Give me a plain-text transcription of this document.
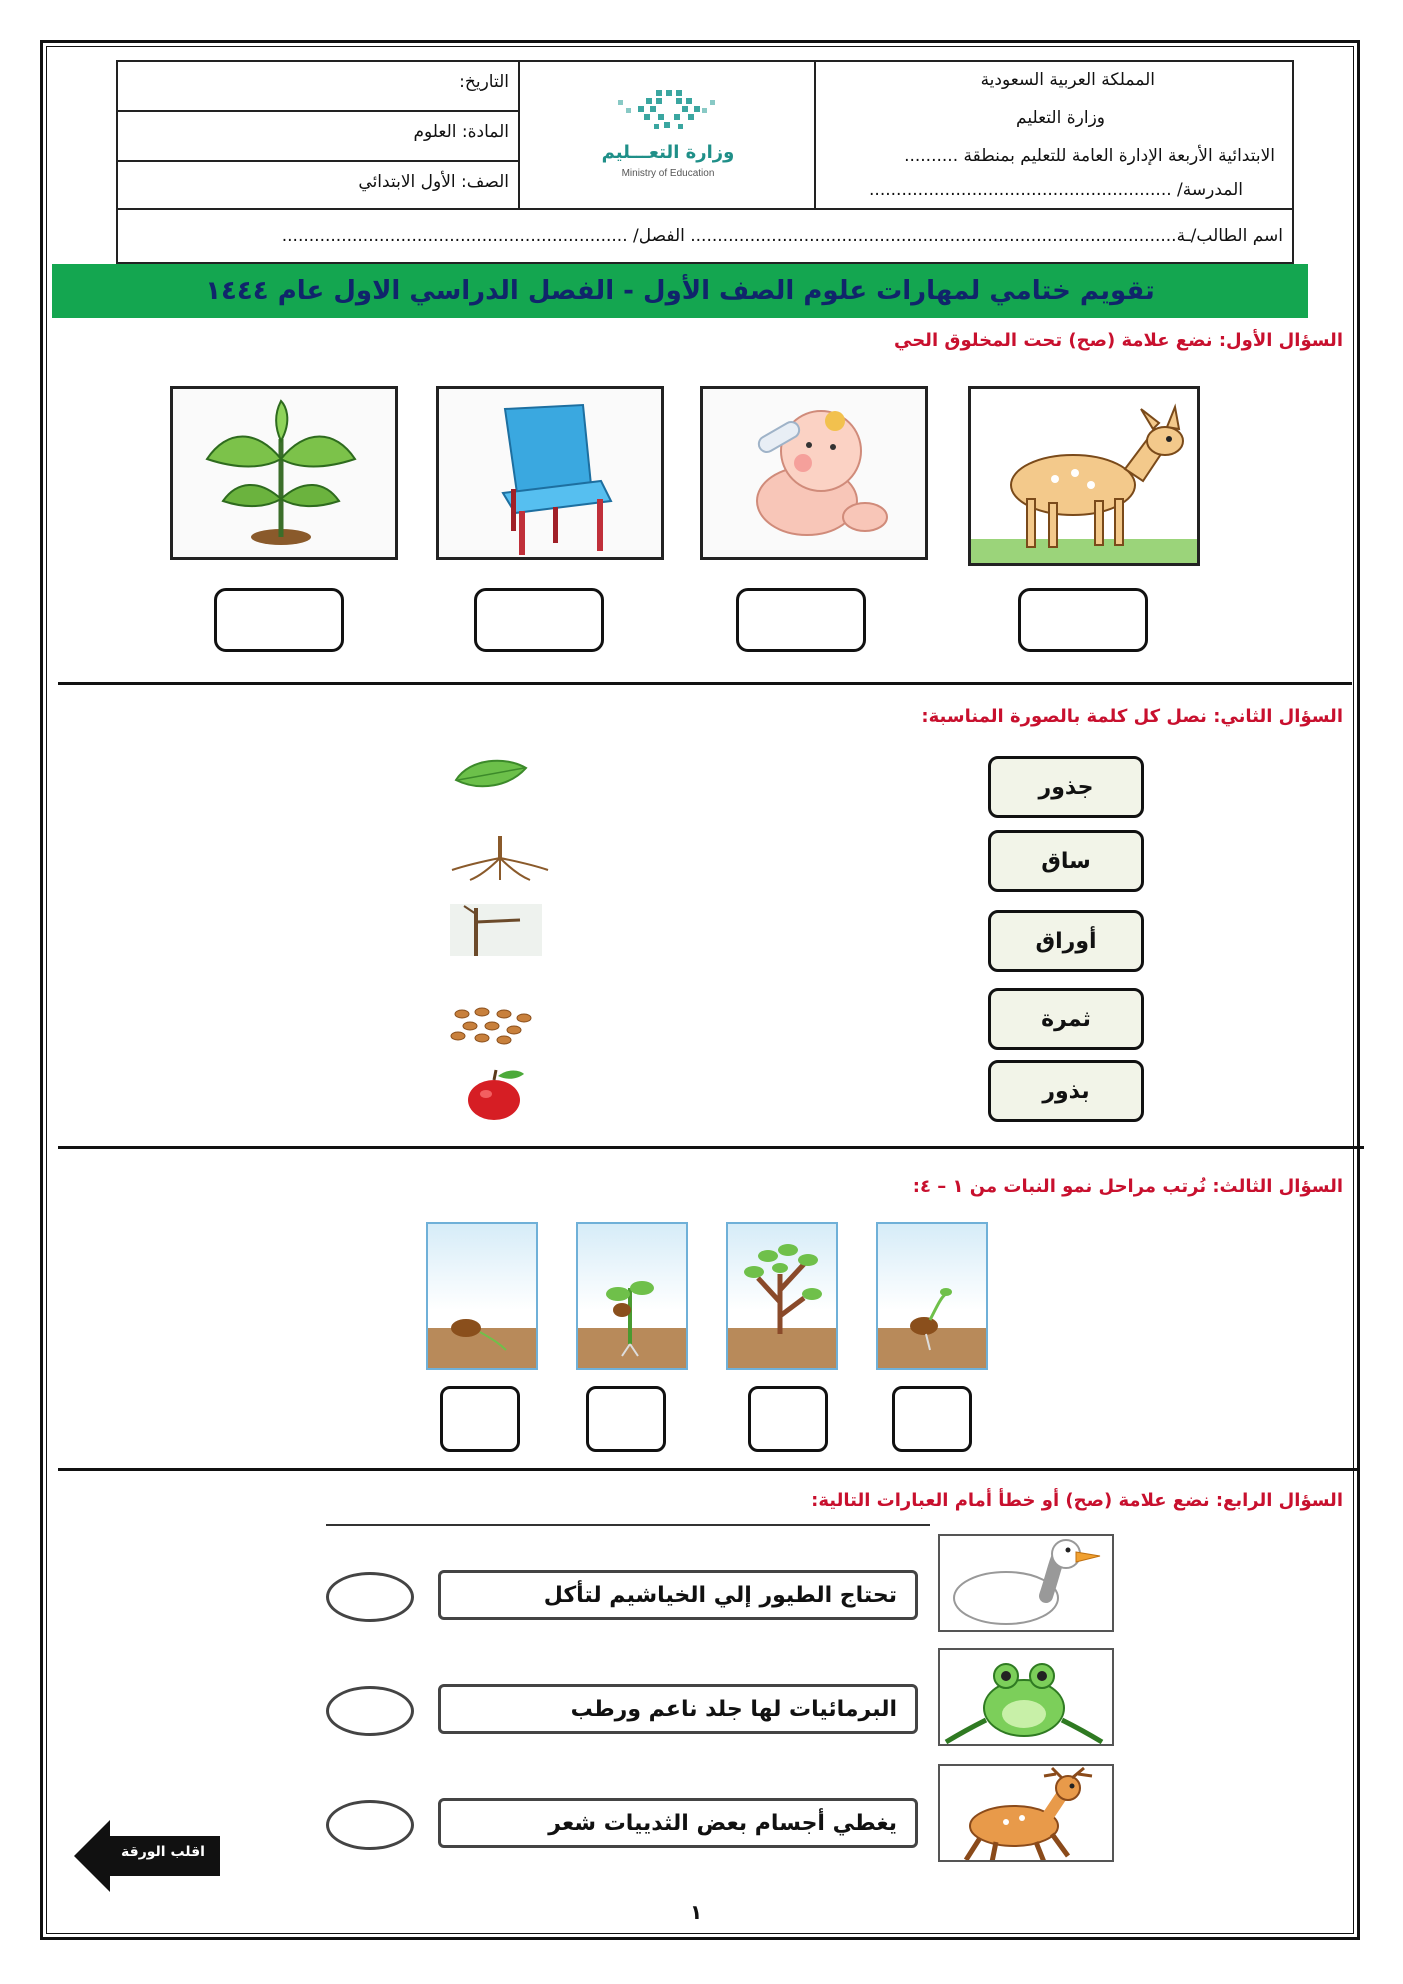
المملكة العربية السعودية
وزارة التعليم
الابتدائية الأربعة الإدارة العامة للتعليم بمنطقة ..........
المدرسة/ ........................................................
وزارة التعـــليم
Ministry of Education
التاريخ:
المادة: العلوم
الصف: الأول الابتدائي
اسم الطالب/ـة.......................................................................................... الفصل/ ................................................................
تقويم ختامي لمهارات علوم الصف الأول - الفصل الدراسي الاول عام ١٤٤٤
السؤال الأول: نضع علامة (صح) تحت المخلوق الحي
السؤال الثاني: نصل كل كلمة بالصورة المناسبة:
جذور
ساق
أوراق
ثمرة
بذور
السؤال الثالث: نُرتب مراحل نمو النبات من ١ – ٤:
السؤال الرابع: نضع علامة (صح) أو خطأ أمام العبارات التالية:
تحتاج الطيور إلي الخياشيم لتأكل
البرمائيات لها جلد ناعم ورطب
يغطي أجسام بعض الثدييات شعر
اقلب الورقة
١
